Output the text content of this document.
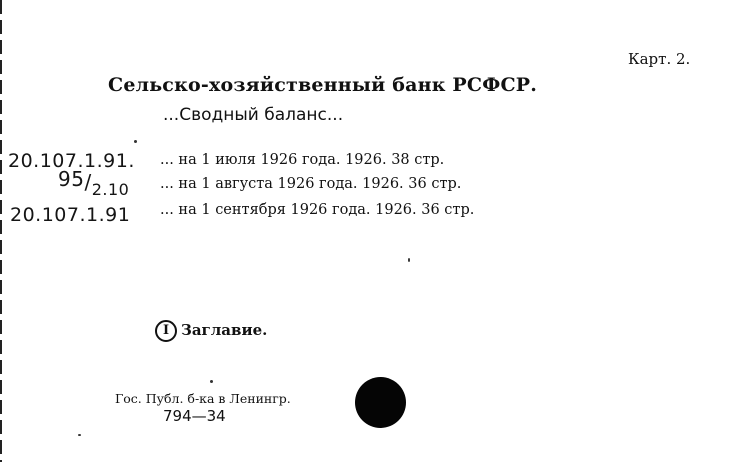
Карт. 2.
Сельско-хозяйственный банк РСФСР.
...Сводный баланс...
20.107.1.91. ... на 1 июля 1926 года. 1926. 38 стр.
$95/_{2.10}$ ... на 1 августа 1926 года. 1926. 36 стр.
20.107.1.91 ... на 1 сентября 1926 года. 1926. 36 стр.
I Заглавие.
Гос. Публ. б-ка в Ленингр.
794—34
